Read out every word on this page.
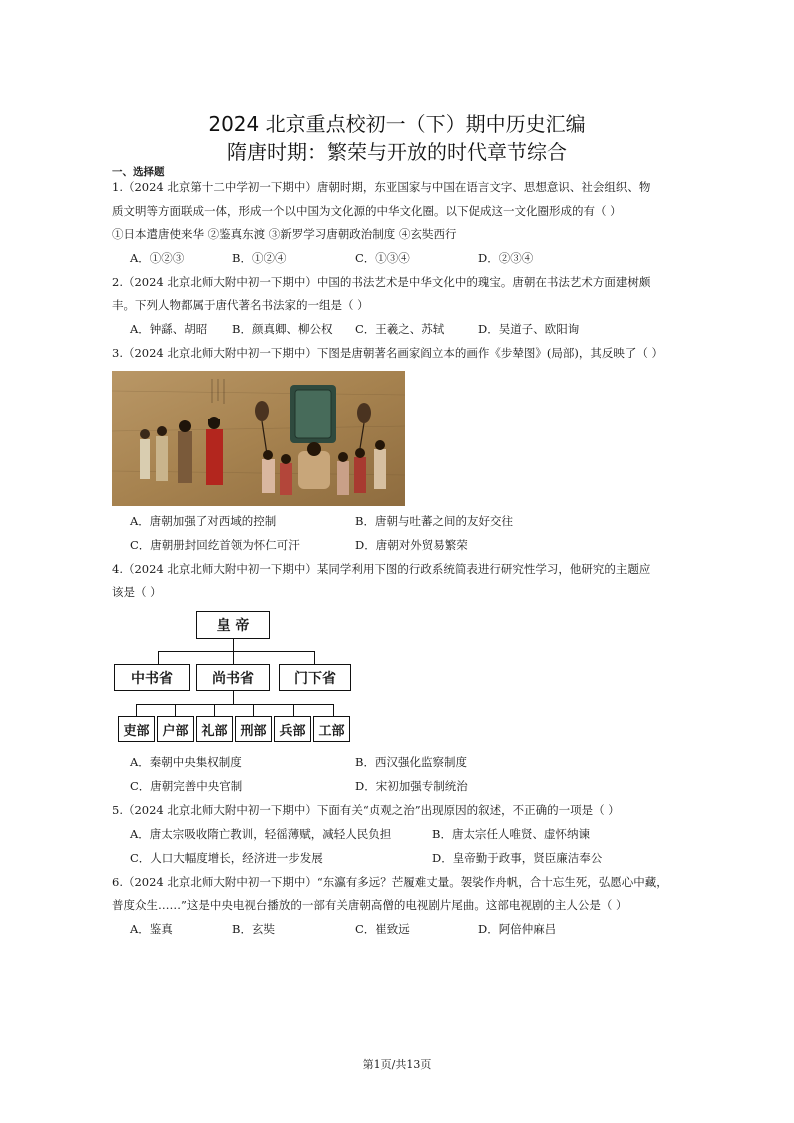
2024 北京重点校初一（下）期中历史汇编
隋唐时期：繁荣与开放的时代章节综合
一、选择题
1.（2024 北京第十二中学初一下期中）唐朝时期，东亚国家与中国在语言文字、思想意识、社会组织、物
质文明等方面联成一体，形成一个以中国为文化源的中华文化圈。以下促成这一文化圈形成的有（ ）
①日本遣唐使来华 ②鉴真东渡 ③新罗学习唐朝政治制度 ④玄奘西行
A．①②③	B．①②④	C．①③④	D．②③④
2.（2024 北京北师大附中初一下期中）中国的书法艺术是中华文化中的瑰宝。唐朝在书法艺术方面建树颇
丰。下列人物都属于唐代著名书法家的一组是（ ）
A．钟繇、胡昭 B．颜真卿、柳公权 C．王羲之、苏轼	D．吴道子、欧阳询
3.（2024 北京北师大附中初一下期中）下图是唐朝著名画家阎立本的画作《步辇图》(局部)，其反映了（ ）
A．唐朝加强了对西域的控制	B．唐朝与吐蕃之间的友好交往
C．唐朝册封回纥首领为怀仁可汗	D．唐朝对外贸易繁荣
4.（2024 北京北师大附中初一下期中）某同学利用下图的行政系统简表进行研究性学习，他研究的主题应
该是（ ）
皇 帝
中书省	尚书省	门下省
吏部 户部 礼部 刑部 兵部 工部
A．秦朝中央集权制度	B．西汉强化监察制度
C．唐朝完善中央官制	D．宋初加强专制统治
5.（2024 北京北师大附中初一下期中）下面有关“贞观之治”出现原因的叙述，不正确的一项是（ ）
A．唐太宗吸收隋亡教训，轻徭薄赋，减轻人民负担	B．唐太宗任人唯贤、虚怀纳谏
C．人口大幅度增长，经济进一步发展	D．皇帝勤于政事，贤臣廉洁奉公
6.（2024 北京北师大附中初一下期中）“东瀛有多远？芒履难丈量。袈裟作舟帆，合十忘生死，弘愿心中藏，
普度众生……”这是中央电视台播放的一部有关唐朝高僧的电视剧片尾曲。这部电视剧的主人公是（ ）
A．鉴真	B．玄奘	C．崔致远	D．阿倍仲麻吕
第1页/共13页
